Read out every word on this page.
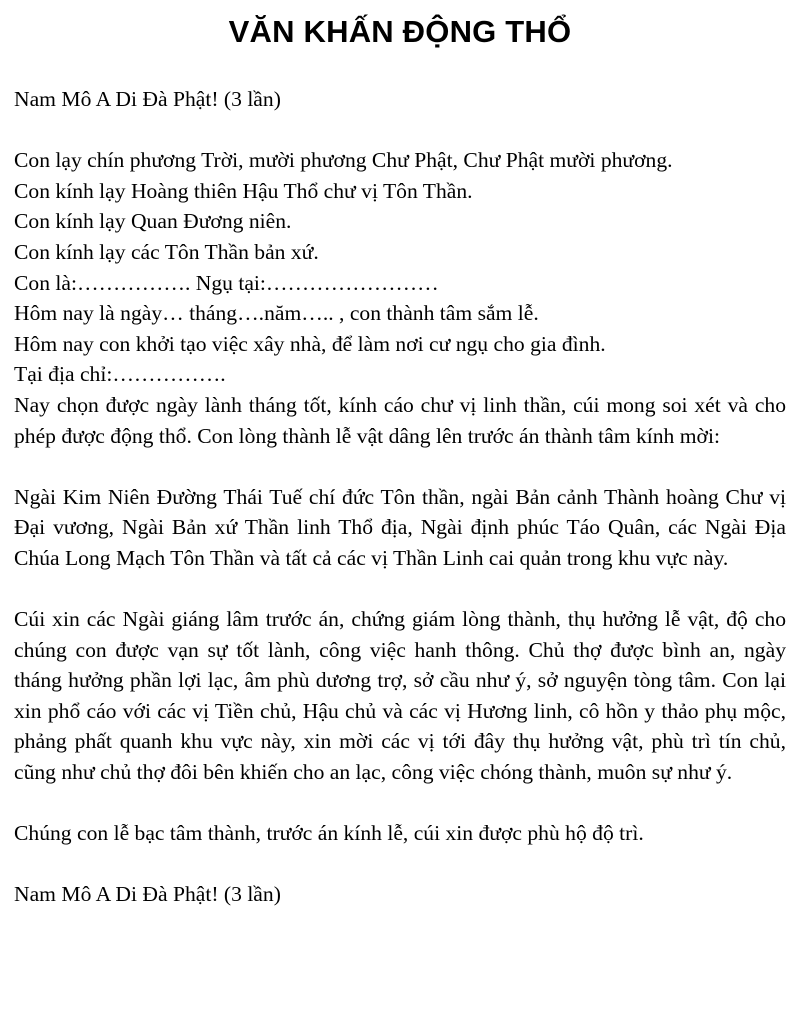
VĂN KHẤN ĐỘNG THỔ

Nam Mô A Di Đà Phật! (3 lần)

Con lạy chín phương Trời, mười phương Chư Phật, Chư Phật mười phương.
Con kính lạy Hoàng thiên Hậu Thổ chư vị Tôn Thần.
Con kính lạy Quan Đương niên.
Con kính lạy các Tôn Thần bản xứ.
Con là:……………. Ngụ tại:……………………
Hôm nay là ngày… tháng….năm….. , con thành tâm sắm lễ.
Hôm nay con khởi tạo việc xây nhà, để làm nơi cư ngụ cho gia đình.
Tại địa chỉ:…………….

Nay chọn được ngày lành tháng tốt, kính cáo chư vị linh thần, cúi mong soi xét và cho phép được động thổ. Con lòng thành lễ vật dâng lên trước án thành tâm kính mời:

Ngài Kim Niên Đường Thái Tuế chí đức Tôn thần, ngài Bản cảnh Thành hoàng Chư vị Đại vương, Ngài Bản xứ Thần linh Thổ địa, Ngài định phúc Táo Quân, các Ngài Địa Chúa Long Mạch Tôn Thần và tất cả các vị Thần Linh cai quản trong khu vực này.

Cúi xin các Ngài giáng lâm trước án, chứng giám lòng thành, thụ hưởng lễ vật, độ cho chúng con được vạn sự tốt lành, công việc hanh thông. Chủ thợ được bình an, ngày tháng hưởng phần lợi lạc, âm phù dương trợ, sở cầu như ý, sở nguyện tòng tâm. Con lại xin phổ cáo với các vị Tiền chủ, Hậu chủ và các vị Hương linh, cô hồn y thảo phụ mộc, phảng phất quanh khu vực này, xin mời các vị tới đây thụ hưởng vật, phù trì tín chủ, cũng như chủ thợ đôi bên khiến cho an lạc, công việc chóng thành, muôn sự như ý.

Chúng con lễ bạc tâm thành, trước án kính lễ, cúi xin được phù hộ độ trì.

Nam Mô A Di Đà Phật! (3 lần)
